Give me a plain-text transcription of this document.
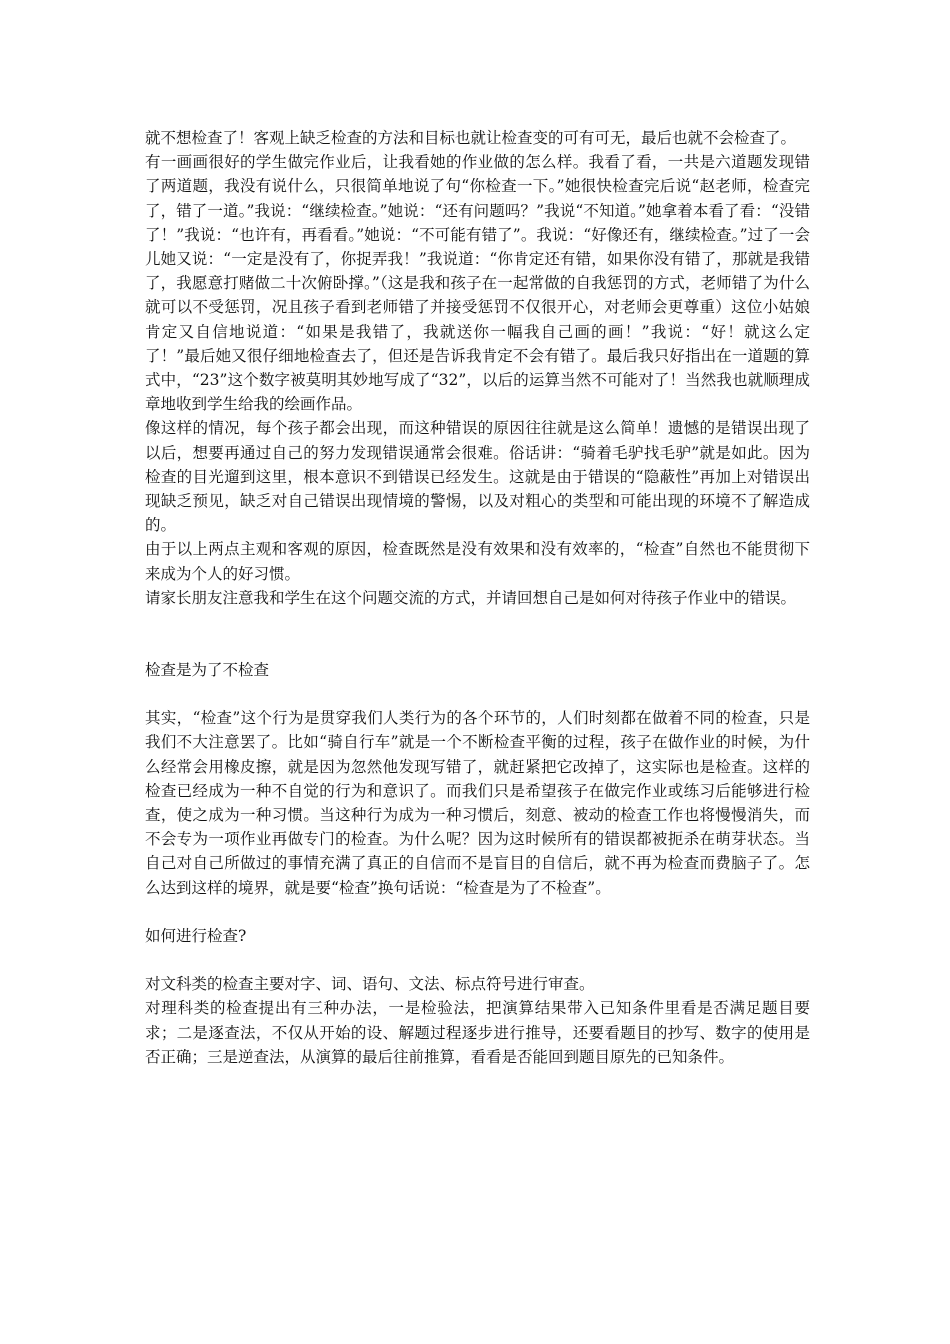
就不想检查了！客观上缺乏检查的方法和目标也就让检查变的可有可无，最后也就不会检查了。

有一画画很好的学生做完作业后，让我看她的作业做的怎么样。我看了看，一共是六道题发现错了两道题，我没有说什么，只很简单地说了句“你检查一下。”她很快检查完后说“赵老师，检查完了，错了一道。”我说：“继续检查。”她说：“还有问题吗？”我说“不知道。”她拿着本看了看：“没错了！”我说：“也许有，再看看。”她说：“不可能有错了”。我说：“好像还有，继续检查。”过了一会儿她又说：“一定是没有了，你捉弄我！”我说道：“你肯定还有错，如果你没有错了，那就是我错了，我愿意打赌做二十次俯卧撑。”（这是我和孩子在一起常做的自我惩罚的方式，老师错了为什么就可以不受惩罚，况且孩子看到老师错了并接受惩罚不仅很开心，对老师会更尊重）这位小姑娘肯定又自信地说道：“如果是我错了，我就送你一幅我自己画的画！”我说：“好！就这么定了！”最后她又很仔细地检查去了，但还是告诉我肯定不会有错了。最后我只好指出在一道题的算式中，“23”这个数字被莫明其妙地写成了“32”，以后的运算当然不可能对了！当然我也就顺理成章地收到学生给我的绘画作品。

像这样的情况，每个孩子都会出现，而这种错误的原因往往就是这么简单！遗憾的是错误出现了以后，想要再通过自己的努力发现错误通常会很难。俗话讲：“骑着毛驴找毛驴”就是如此。因为检查的目光遛到这里，根本意识不到错误已经发生。这就是由于错误的“隐蔽性”再加上对错误出现缺乏预见，缺乏对自己错误出现情境的警惕，以及对粗心的类型和可能出现的环境不了解造成的。

由于以上两点主观和客观的原因，检查既然是没有效果和没有效率的，“检查”自然也不能贯彻下来成为个人的好习惯。

请家长朋友注意我和学生在这个问题交流的方式，并请回想自己是如何对待孩子作业中的错误。

检查是为了不检查

其实，“检查”这个行为是贯穿我们人类行为的各个环节的，人们时刻都在做着不同的检查，只是我们不大注意罢了。比如“骑自行车”就是一个不断检查平衡的过程，孩子在做作业的时候，为什么经常会用橡皮擦，就是因为忽然他发现写错了，就赶紧把它改掉了，这实际也是检查。这样的检查已经成为一种不自觉的行为和意识了。而我们只是希望孩子在做完作业或练习后能够进行检查，使之成为一种习惯。当这种行为成为一种习惯后，刻意、被动的检查工作也将慢慢消失，而不会专为一项作业再做专门的检查。为什么呢？因为这时候所有的错误都被扼杀在萌芽状态。当自己对自己所做过的事情充满了真正的自信而不是盲目的自信后，就不再为检查而费脑子了。怎么达到这样的境界，就是要“检查”换句话说：“检查是为了不检查”。

如何进行检查?

对文科类的检查主要对字、词、语句、文法、标点符号进行审查。

对理科类的检查提出有三种办法，一是检验法，把演算结果带入已知条件里看是否满足题目要求；二是逐查法，不仅从开始的设、解题过程逐步进行推导，还要看题目的抄写、数字的使用是否正确；三是逆查法，从演算的最后往前推算，看看是否能回到题目原先的已知条件。
